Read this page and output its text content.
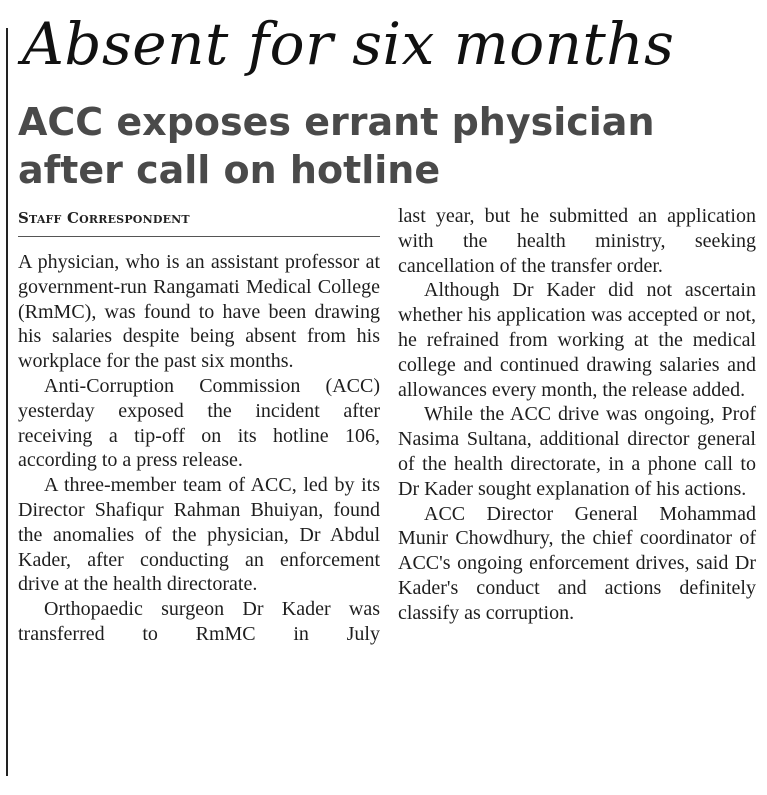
Absent for six months
ACC exposes errant physician after call on hotline
Staff Correspondent

A physician, who is an assistant professor at government-run Rangamati Medical College (RmMC), was found to have been drawing his salaries despite being absent from his workplace for the past six months.

Anti-Corruption Commission (ACC) yesterday exposed the incident after receiving a tip-off on its hotline 106, according to a press release.

A three-member team of ACC, led by its Director Shafiqur Rahman Bhuiyan, found the anomalies of the physician, Dr Abdul Kader, after conducting an enforcement drive at the health directorate.

Orthopaedic surgeon Dr Kader was transferred to RmMC in July

last year, but he submitted an application with the health ministry, seeking cancellation of the transfer order.

Although Dr Kader did not ascertain whether his application was accepted or not, he refrained from working at the medical college and continued drawing salaries and allowances every month, the release added.

While the ACC drive was ongoing, Prof Nasima Sultana, additional director general of the health directorate, in a phone call to Dr Kader sought explanation of his actions.

ACC Director General Mohammad Munir Chowdhury, the chief coordinator of ACC's ongoing enforcement drives, said Dr Kader's conduct and actions definitely classify as corruption.
